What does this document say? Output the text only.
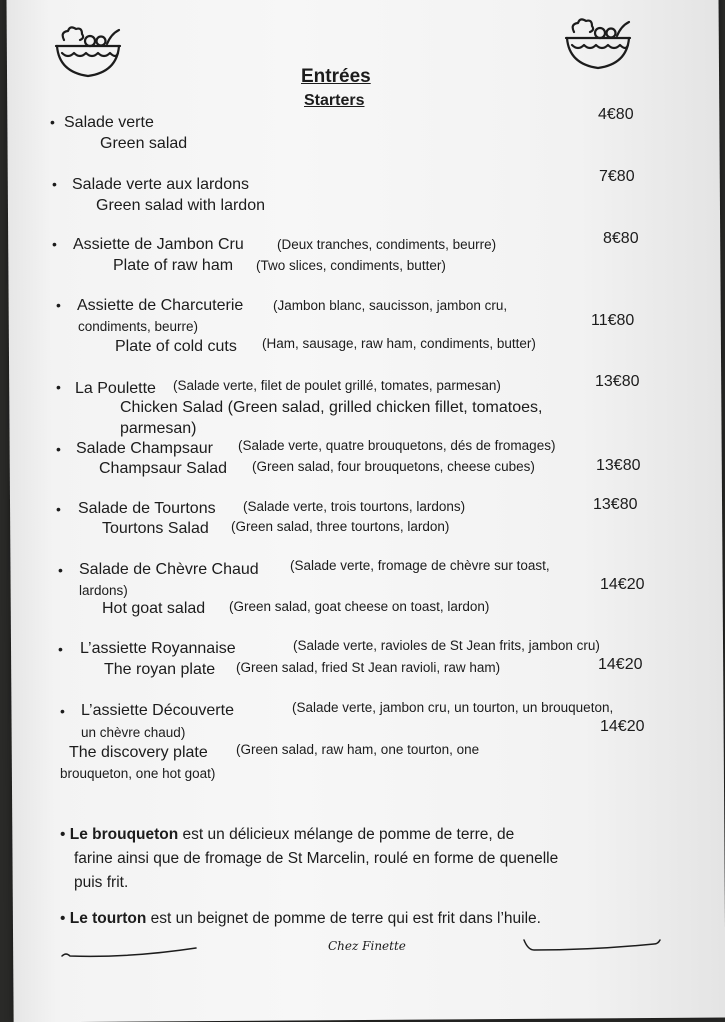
Entrées
Starters
• Salade verte
Green salad
4€80
• Salade verte aux lardons
Green salad with lardon
7€80
• Assiette de Jambon Cru (Deux tranches, condiments, beurre)
Plate of raw ham (Two slices, condiments, butter)
8€80
• Assiette de Charcuterie (Jambon blanc, saucisson, jambon cru,
condiments, beurre)
Plate of cold cuts (Ham, sausage, raw ham, condiments, butter)
11€80
• La Poulette (Salade verte, filet de poulet grillé, tomates, parmesan)
Chicken Salad (Green salad, grilled chicken fillet, tomatoes,
parmesan)
13€80
• Salade Champsaur (Salade verte, quatre brouquetons, dés de fromages)
Champsaur Salad (Green salad, four brouquetons, cheese cubes)	13€80
• Salade de Tourtons (Salade verte, trois tourtons, lardons)
Tourtons Salad (Green salad, three tourtons, lardon)
13€80
• Salade de Chèvre Chaud (Salade verte, fromage de chèvre sur toast,
lardons)
Hot goat salad (Green salad, goat cheese on toast, lardon)
14€20
• L’assiette Royannaise	(Salade verte, ravioles de St Jean frits, jambon cru)
The royan plate (Green salad, fried St Jean ravioli, raw ham)	14€20
• L’assiette Découverte	(Salade verte, jambon cru, un tourton, un brouqueton,
un chèvre chaud)
The discovery plate (Green salad, raw ham, one tourton, one
brouqueton, one hot goat)
14€20
• Le brouqueton est un délicieux mélange de pomme de terre, de
farine ainsi que de fromage de St Marcelin, roulé en forme de quenelle
puis frit.
• Le tourton est un beignet de pomme de terre qui est frit dans l’huile.
Chez Finette
